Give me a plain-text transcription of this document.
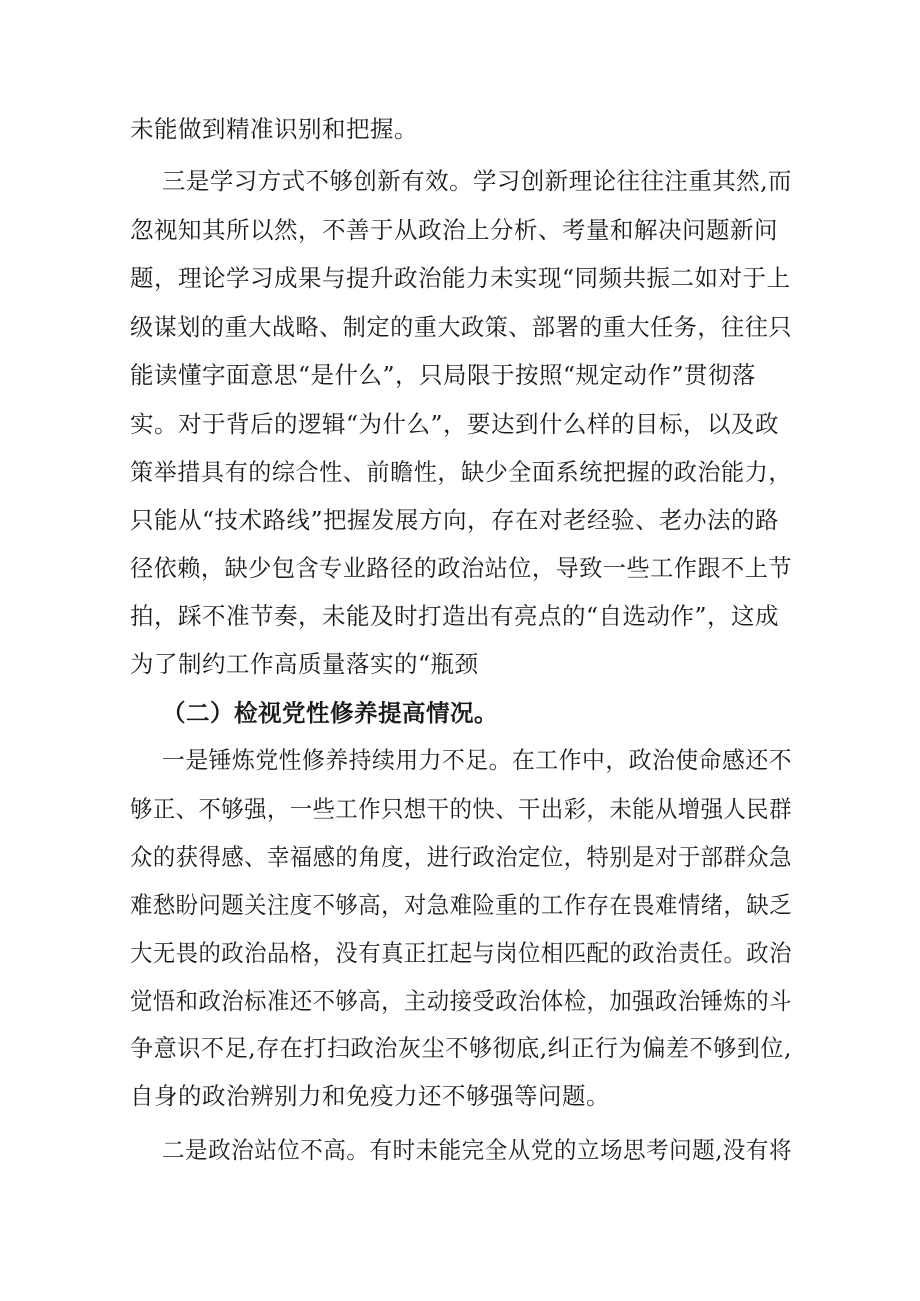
未能做到精准识别和把握。
三是学习方式不够创新有效。学习创新理论往往注重其然,而
忽视知其所以然，不善于从政治上分析、考量和解决问题新问
题，理论学习成果与提升政治能力未实现“同频共振二如对于上
级谋划的重大战略、制定的重大政策、部署的重大任务，往往只
能读懂字面意思“是什么”，只局限于按照“规定动作”贯彻落
实。对于背后的逻辑“为什么”，要达到什么样的目标，以及政
策举措具有的综合性、前瞻性，缺少全面系统把握的政治能力，
只能从“技术路线”把握发展方向，存在对老经验、老办法的路
径依赖，缺少包含专业路径的政治站位，导致一些工作跟不上节
拍，踩不准节奏，未能及时打造出有亮点的“自选动作”，这成
为了制约工作高质量落实的“瓶颈
（二）检视党性修养提高情况。
一是锤炼党性修养持续用力不足。在工作中，政治使命感还不
够正、不够强，一些工作只想干的快、干出彩，未能从增强人民群
众的获得感、幸福感的角度，进行政治定位，特别是对于部群众急
难愁盼问题关注度不够高，对急难险重的工作存在畏难情绪，缺乏
大无畏的政治品格，没有真正扛起与岗位相匹配的政治责任。政治
觉悟和政治标准还不够高，主动接受政治体检，加强政治锤炼的斗
争意识不足,存在打扫政治灰尘不够彻底,纠正行为偏差不够到位,
自身的政治辨别力和免疫力还不够强等问题。
二是政治站位不高。有时未能完全从党的立场思考问题,没有将
